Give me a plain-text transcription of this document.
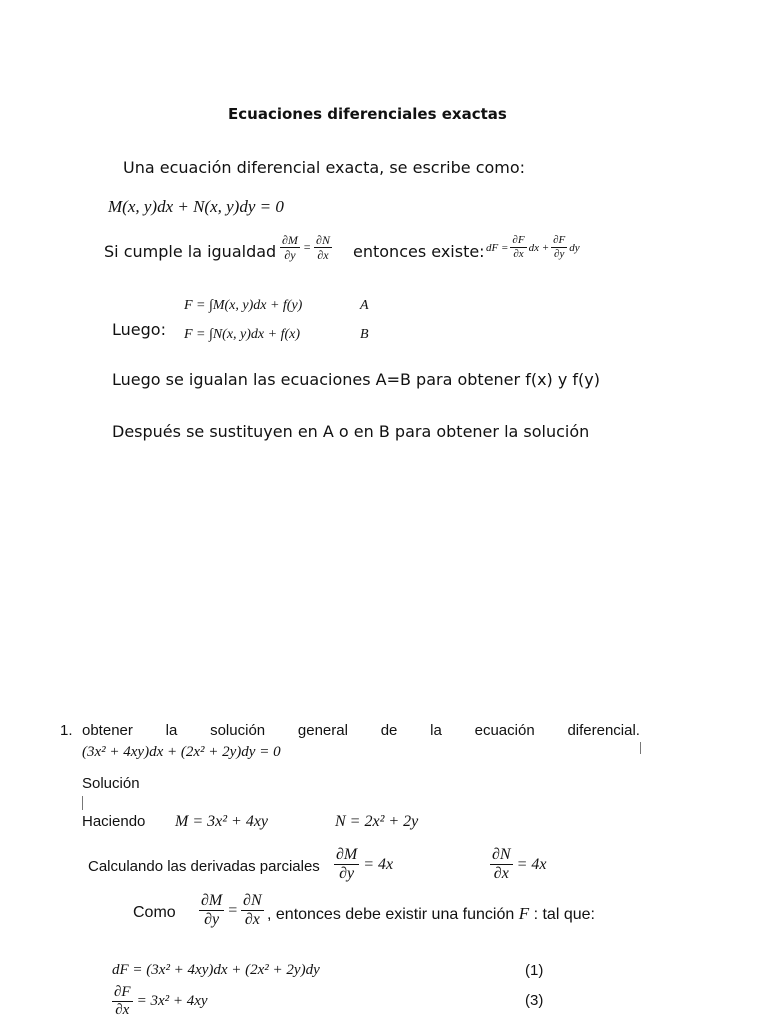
Ecuaciones diferenciales exactas
Una ecuación diferencial exacta, se escribe como:
M(x, y)dx + N(x, y)dy = 0
Si cumple la igualdad $\frac{\partial M}{\partial y} = \frac{\partial N}{\partial x}$ entonces existe: dF = $\frac{\partial F}{\partial x}$ dx + $\frac{\partial F}{\partial y}$ dy
Luego:
F = ∫M(x, y)dx + f(y)	A
F = ∫N(x, y)dx + f(x)	B
Luego se igualan las ecuaciones A=B para obtener f(x) y f(y)
Después se sustituyen en A o en B para obtener la solución
1. obtener la solución general de la ecuación diferencial.
(3x² + 4xy)dx + (2x² + 2y)dy = 0
Solución
Haciendo M = 3x² + 4xy	N = 2x² + 2y
Calculando las derivadas parciales $\frac{\partial M}{\partial y} = 4x$	$\frac{\partial N}{\partial x} = 4x$
Como $\frac{\partial M}{\partial y} = \frac{\partial N}{\partial x}$ , entonces debe existir una función F : tal que:
dF = (3x² + 4xy)dx + (2x² + 2y)dy	(1)
$\frac{\partial F}{\partial x} = 3x^2 + 4xy$	(3)
